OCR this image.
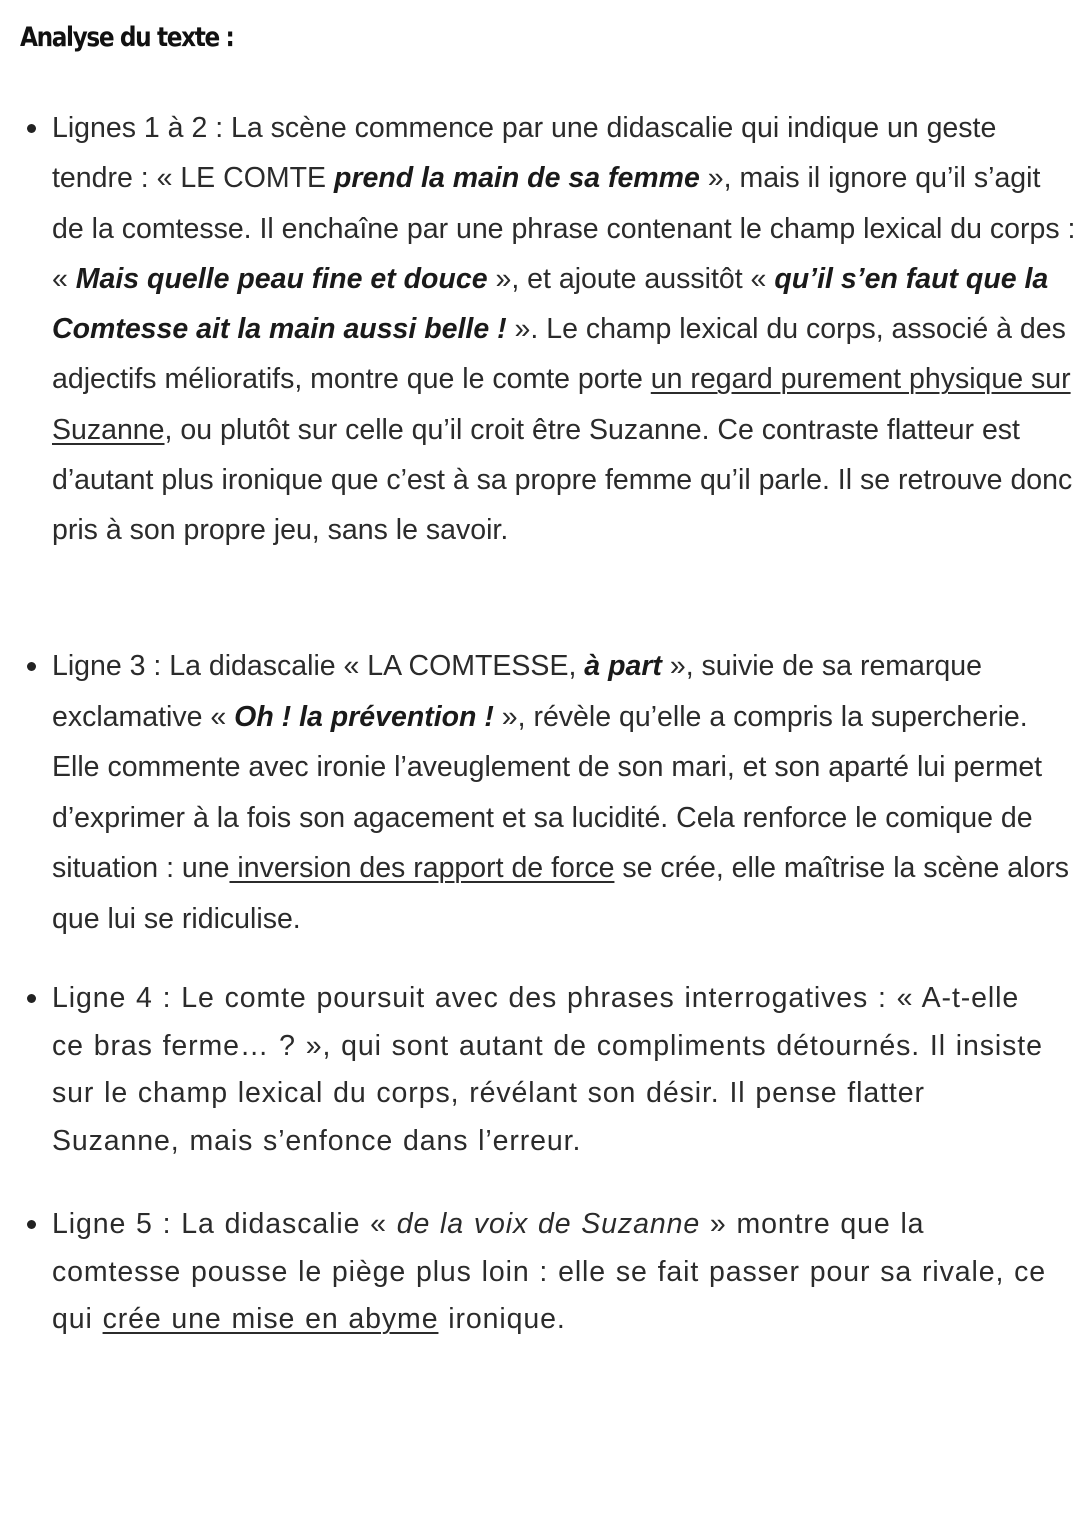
Analyse du texte :
Lignes 1 à 2 : La scène commence par une didascalie qui indique un geste tendre : « LE COMTE prend la main de sa femme », mais il ignore qu’il s’agit de la comtesse. Il enchaîne par une phrase contenant le champ lexical du corps : « Mais quelle peau fine et douce », et ajoute aussitôt « qu’il s’en faut que la Comtesse ait la main aussi belle ! ». Le champ lexical du corps, associé à des adjectifs mélioratifs, montre que le comte porte un regard purement physique sur Suzanne, ou plutôt sur celle qu’il croit être Suzanne. Ce contraste flatteur est d’autant plus ironique que c’est à sa propre femme qu’il parle. Il se retrouve donc pris à son propre jeu, sans le savoir.
Ligne 3 : La didascalie « LA COMTESSE, à part », suivie de sa remarque exclamative « Oh ! la prévention ! », révèle qu’elle a compris la supercherie. Elle commente avec ironie l’aveuglement de son mari, et son aparté lui permet d’exprimer à la fois son agacement et sa lucidité. Cela renforce le comique de situation : une inversion des rapport de force se crée, elle maîtrise la scène alors que lui se ridiculise.
Ligne 4 : Le comte poursuit avec des phrases interrogatives : « A-t-elle ce bras ferme… ? », qui sont autant de compliments détournés. Il insiste sur le champ lexical du corps, révélant son désir. Il pense flatter Suzanne, mais s’enfonce dans l’erreur.
Ligne 5 : La didascalie « de la voix de Suzanne » montre que la comtesse pousse le piège plus loin : elle se fait passer pour sa rivale, ce qui crée une mise en abyme ironique.
